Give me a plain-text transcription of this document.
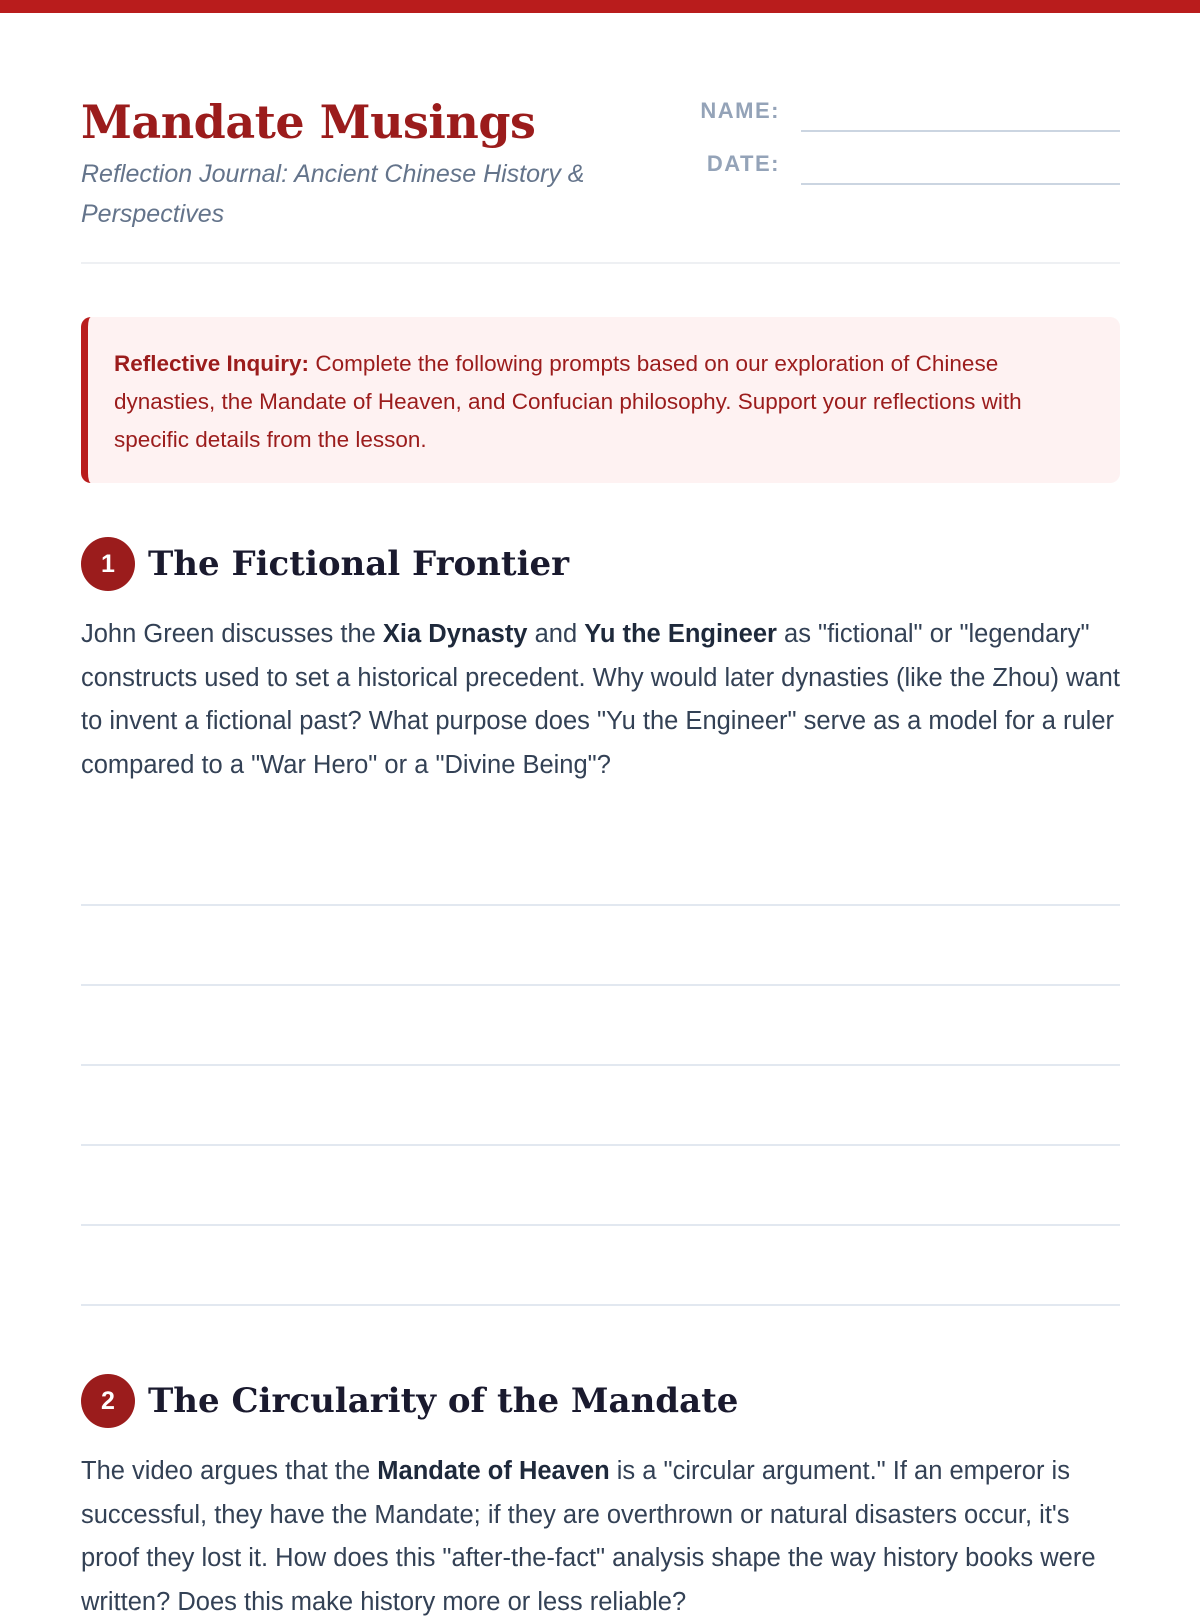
Mandate Musings

Reflection Journal: Ancient Chinese History & Perspectives

NAME:
DATE:

Reflective Inquiry: Complete the following prompts based on our exploration of Chinese dynasties, the Mandate of Heaven, and Confucian philosophy. Support your reflections with specific details from the lesson.

1 The Fictional Frontier

John Green discusses the Xia Dynasty and Yu the Engineer as "fictional" or "legendary" constructs used to set a historical precedent. Why would later dynasties (like the Zhou) want to invent a fictional past? What purpose does "Yu the Engineer" serve as a model for a ruler compared to a "War Hero" or a "Divine Being"?

2 The Circularity of the Mandate

The video argues that the Mandate of Heaven is a "circular argument." If an emperor is successful, they have the Mandate; if they are overthrown or natural disasters occur, it's proof they lost it. How does this "after-the-fact" analysis shape the way history books were written? Does this make history more or less reliable?
